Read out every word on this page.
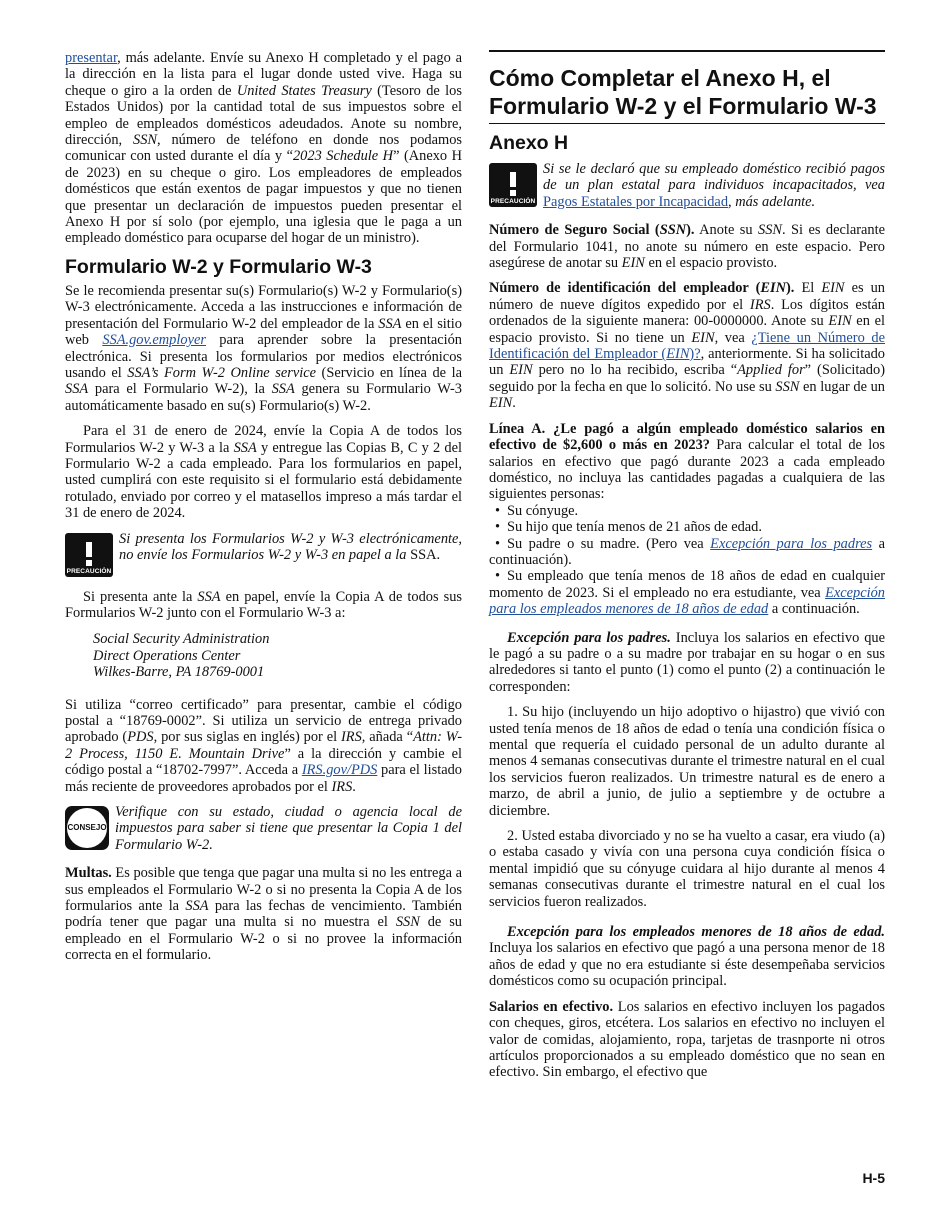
presentar, más adelante. Envíe su Anexo H completado y el pago a la dirección en la lista para el lugar donde usted vive. Haga su cheque o giro a la orden de United States Treasury (Tesoro de los Estados Unidos) por la cantidad total de sus impuestos sobre el empleo de empleados domésticos adeudados. Anote su nombre, dirección, SSN, número de teléfono en donde nos podamos comunicar con usted durante el día y “2023 Schedule H” (Anexo H de 2023) en su cheque o giro. Los empleadores de empleados domésticos que están exentos de pagar impuestos y que no tienen que presentar un declaración de impuestos pueden presentar el Anexo H por sí solo (por ejemplo, una iglesia que le paga a un empleado doméstico para ocuparse del hogar de un ministro).

Formulario W-2 y Formulario W-3

Se le recomienda presentar su(s) Formulario(s) W-2 y Formulario(s) W-3 electrónicamente. Acceda a las instrucciones e información de presentación del Formulario W-2 del empleador de la SSA en el sitio web SSA.gov.employer para aprender sobre la presentación electrónica. Si presenta los formularios por medios electrónicos usando el SSA’s Form W-2 Online service (Servicio en línea de la SSA para el Formulario W-2), la SSA genera su Formulario W-3 automáticamente basado en su(s) Formulario(s) W-2.

Para el 31 de enero de 2024, envíe la Copia A de todos los Formularios W-2 y W-3 a la SSA y entregue las Copias B, C y 2 del Formulario W-2 a cada empleado. Para los formularios en papel, usted cumplirá con este requisito si el formulario está debidamente rotulado, enviado por correo y el matasellos impreso a más tardar el 31 de enero de 2024.

PRECAUCIÓN
Si presenta los Formularios W-2 y W-3 electrónicamente, no envíe los Formularios W-2 y W-3 en papel a la SSA.

Si presenta ante la SSA en papel, envíe la Copia A de todos sus Formularios W-2 junto con el Formulario W-3 a:

Social Security Administration
Direct Operations Center
Wilkes-Barre, PA 18769-0001

Si utiliza “correo certificado” para presentar, cambie el código postal a “18769-0002”. Si utiliza un servicio de entrega privado aprobado (PDS, por sus siglas en inglés) por el IRS, añada “Attn: W-2 Process, 1150 E. Mountain Drive” a la dirección y cambie el código postal a “18702-7997”. Acceda a IRS.gov/PDS para el listado más reciente de proveedores aprobados por el IRS.

CONSEJO
Verifique con su estado, ciudad o agencia local de impuestos para saber si tiene que presentar la Copia 1 del Formulario W-2.

Multas. Es posible que tenga que pagar una multa si no les entrega a sus empleados el Formulario W-2 o si no presenta la Copia A de los formularios ante la SSA para las fechas de vencimiento. También podría tener que pagar una multa si no muestra el SSN de su empleado en el Formulario W-2 o si no provee la información correcta en el formulario.

Cómo Completar el Anexo H, el Formulario W-2 y el Formulario W-3
Anexo H
PRECAUCIÓN
Si se le declaró que su empleado doméstico recibió pagos de un plan estatal para individuos incapacitados, vea Pagos Estatales por Incapacidad, más adelante.

Número de Seguro Social (SSN). Anote su SSN. Si es declarante del Formulario 1041, no anote su número en este espacio. Pero asegúrese de anotar su EIN en el espacio provisto.

Número de identificación del empleador (EIN). El EIN es un número de nueve dígitos expedido por el IRS. Los dígitos están ordenados de la siguiente manera: 00-0000000. Anote su EIN en el espacio provisto. Si no tiene un EIN, vea ¿Tiene un Número de Identificación del Empleador (EIN)?, anteriormente. Si ha solicitado un EIN pero no lo ha recibido, escriba “Applied for” (Solicitado) seguido por la fecha en que lo solicitó. No use su SSN en lugar de un EIN.

Línea A. ¿Le pagó a algún empleado doméstico salarios en efectivo de $2,600 o más en 2023? Para calcular el total de los salarios en efectivo que pagó durante 2023 a cada empleado doméstico, no incluya las cantidades pagadas a cualquiera de las siguientes personas:

• Su cónyuge.
• Su hijo que tenía menos de 21 años de edad.
• Su padre o su madre. (Pero vea Excepción para los padres a continuación).
• Su empleado que tenía menos de 18 años de edad en cualquier momento de 2023. Si el empleado no era estudiante, vea Excepción para los empleados menores de 18 años de edad a continuación.

Excepción para los padres. Incluya los salarios en efectivo que le pagó a su padre o a su madre por trabajar en su hogar o en sus alrededores si tanto el punto (1) como el punto (2) a continuación le corresponden:

1. Su hijo (incluyendo un hijo adoptivo o hijastro) que vivió con usted tenía menos de 18 años de edad o tenía una condición física o mental que requería el cuidado personal de un adulto durante al menos 4 semanas consecutivas durante el trimestre natural en el cual los servicios fueron realizados. Un trimestre natural es de enero a marzo, de abril a junio, de julio a septiembre y de octubre a diciembre.

2. Usted estaba divorciado y no se ha vuelto a casar, era viudo (a) o estaba casado y vivía con una persona cuya condición física o mental impidió que su cónyuge cuidara al hijo durante al menos 4 semanas consecutivas durante el trimestre natural en el cual los servicios fueron realizados.

Excepción para los empleados menores de 18 años de edad. Incluya los salarios en efectivo que pagó a una persona menor de 18 años de edad y que no era estudiante si éste desempeñaba servicios domésticos como su ocupación principal.

Salarios en efectivo. Los salarios en efectivo incluyen los pagados con cheques, giros, etcétera. Los salarios en efectivo no incluyen el valor de comidas, alojamiento, ropa, tarjetas de trasnporte ni otros artículos proporcionados a su empleado doméstico que no sean en efectivo. Sin embargo, el efectivo que

H-5
